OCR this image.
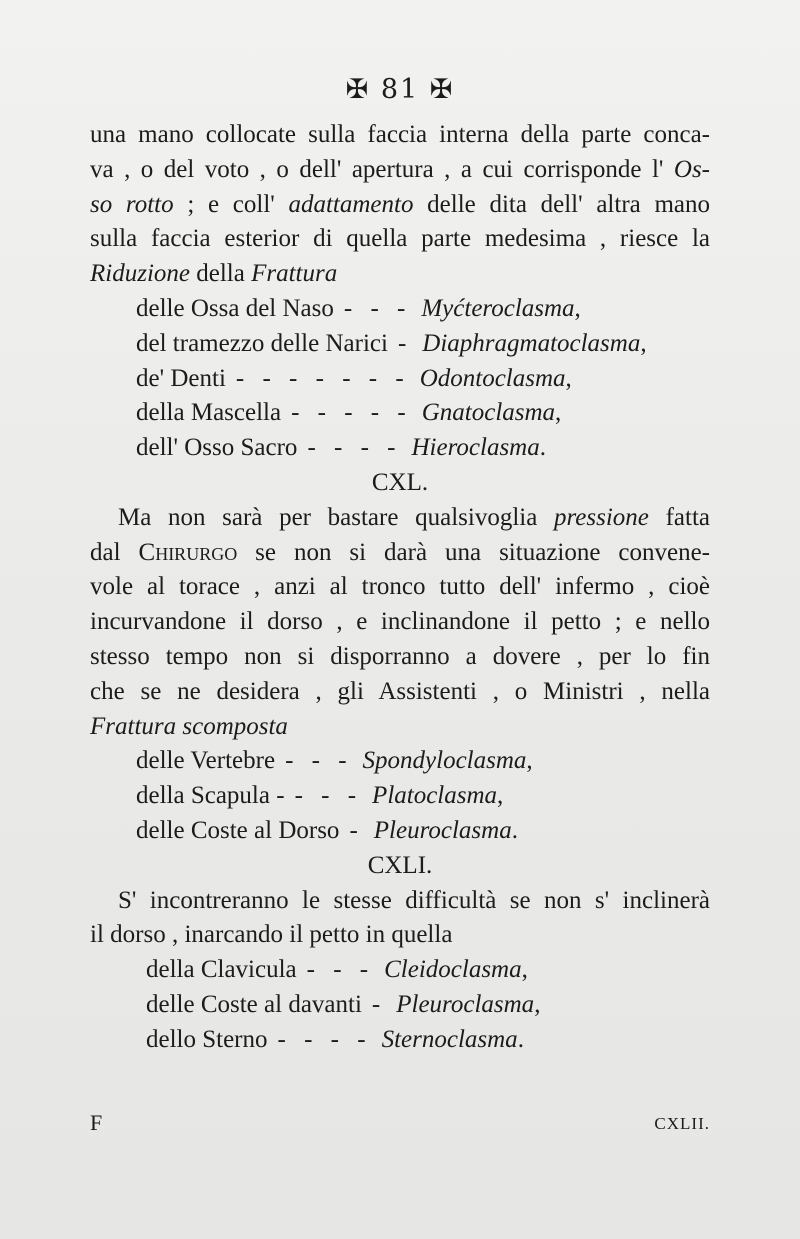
✠ 81 ✠
una mano collocate sulla faccia interna della parte conca-
va , o del voto , o dell' apertura , a cui corrisponde l' Os-
so rotto ; e coll' adattamento delle dita dell' altra mano
sulla faccia esterior di quella parte medesima , riesce la
Riduzione della Frattura
delle Ossa del Naso - - - Myćteroclasma ,
del tramezzo delle Narici - Diaphragmatoclasma ,
de' Denti - - - - - - - Odontoclasma ,
della Mascella - - - - - Gnatoclasma ,
dell' Osso Sacro - - - - Hieroclasma .
CXL.
Ma non sarà per bastare qualsivoglia pressione fatta
dal Chirurgo se non si darà una situazione convene-
vole al torace , anzi al tronco tutto dell' infermo , cioè
incurvandone il dorso , e inclinandone il petto ; e nello
stesso tempo non si disporranno a dovere , per lo fin
che se ne desidera , gli Assistenti , o Ministri , nella
Frattura scomposta
delle Vertebre - - - Spondyloclasma ,
della Scapula - - - - Platoclasma ,
delle Coste al Dorso - Pleuroclasma .
CXLI.
S' incontreranno le stesse difficultà se non s' inclinerà
il dorso , inarcando il petto in quella
della Clavicula - - - Cleidoclasma ,
delle Coste al davanti - Pleuroclasma ,
dello Sterno - - - - Sternoclasma .
F	CXLII.
